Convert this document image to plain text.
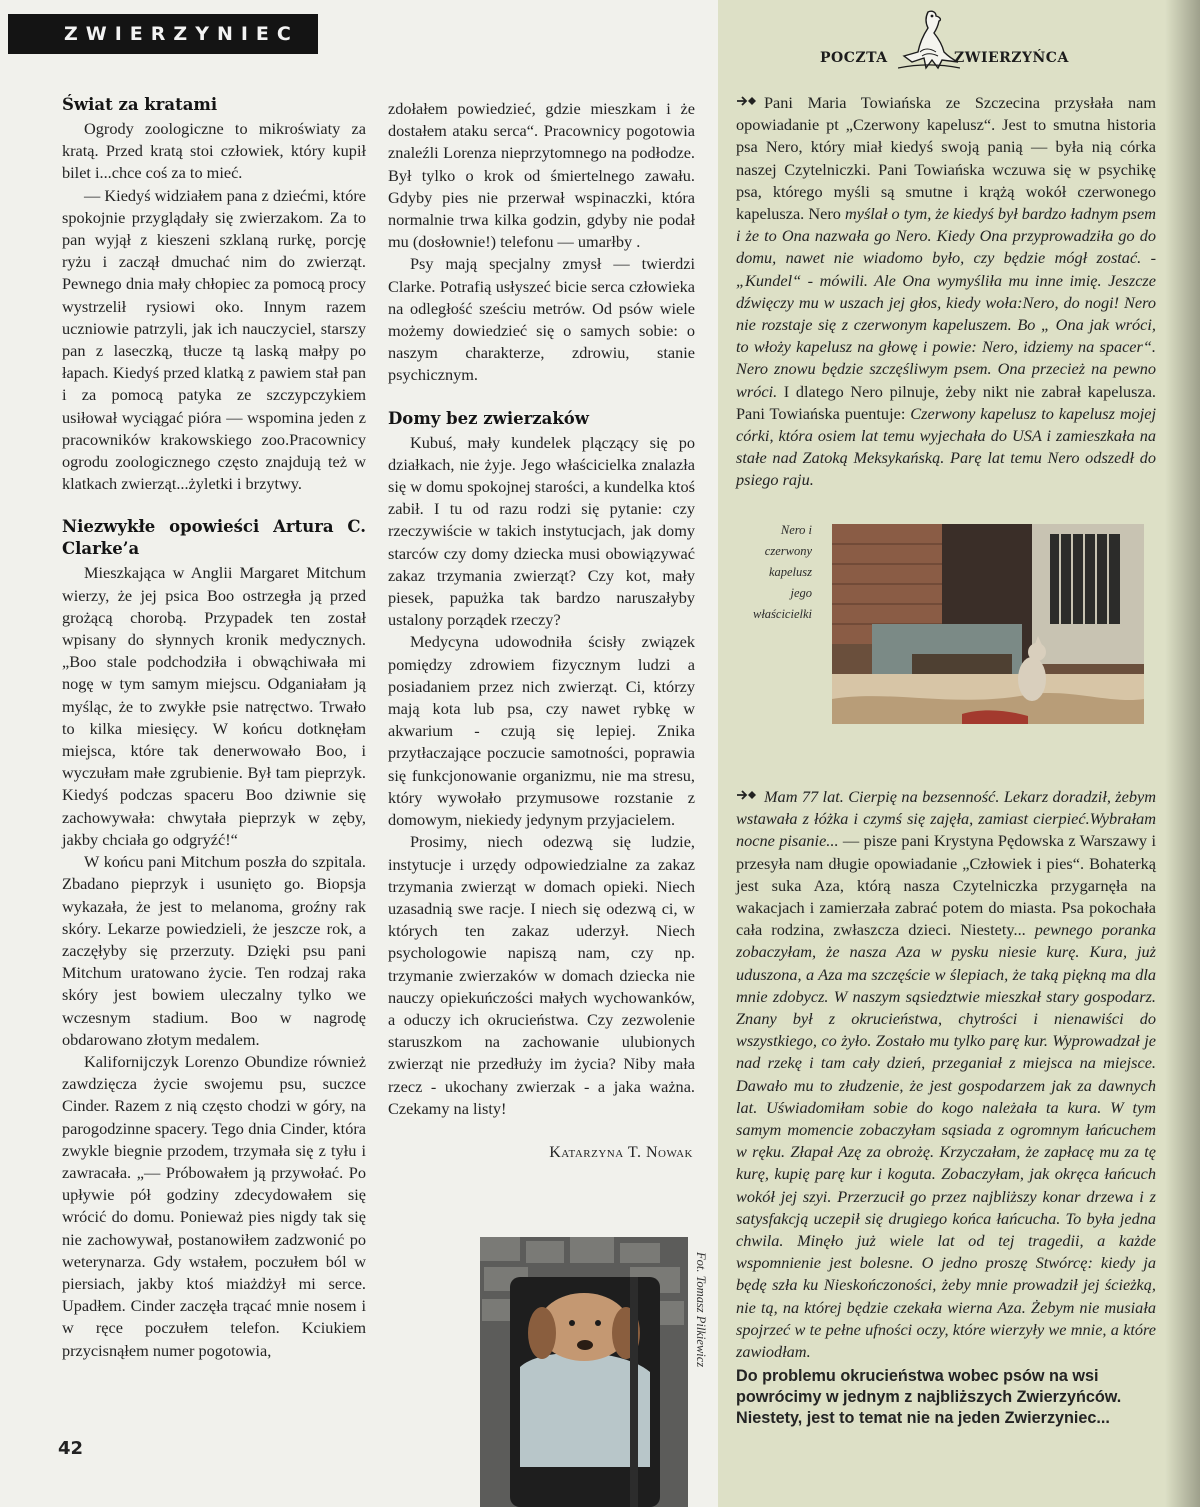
ZWIERZYNIEC
Świat za kratami

Ogrody zoologiczne to mikroświaty za kratą. Przed kratą stoi człowiek, który kupił bilet i...chce coś za to mieć.

— Kiedyś widziałem pana z dziećmi, które spokojnie przyglądały się zwierzakom. Za to pan wyjął z kieszeni szklaną rurkę, porcję ryżu i zaczął dmuchać nim do zwierząt. Pewnego dnia mały chłopiec za pomocą procy wystrzelił rysiowi oko. Innym razem uczniowie patrzyli, jak ich nauczyciel, starszy pan z laseczką, tłucze tą laską małpy po łapach. Kiedyś przed klatką z pawiem stał pan i za pomocą patyka ze szczypczykiem usiłował wyciągać pióra — wspomina jeden z pracowników krakowskiego zoo.Pracownicy ogrodu zoologicznego często znajdują też w klatkach zwierząt...żyletki i brzytwy.

Niezwykłe opowieści Artura C. Clarke’a

Mieszkająca w Anglii Margaret Mitchum wierzy, że jej psica Boo ostrzegła ją przed grożącą chorobą. Przypadek ten został wpisany do słynnych kronik medycznych. „Boo stale podchodziła i obwąchiwała mi nogę w tym samym miejscu. Odganiałam ją myśląc, że to zwykłe psie natręctwo. Trwało to kilka miesięcy. W końcu dotknęłam miejsca, które tak denerwowało Boo, i wyczułam małe zgrubienie. Był tam pieprzyk. Kiedyś podczas spaceru Boo dziwnie się zachowywała: chwytała pieprzyk w zęby, jakby chciała go odgryźć!“

W końcu pani Mitchum poszła do szpitala. Zbadano pieprzyk i usunięto go. Biopsja wykazała, że jest to melanoma, groźny rak skóry. Lekarze powiedzieli, że jeszcze rok, a zaczęłyby się przerzuty. Dzięki psu pani Mitchum uratowano życie. Ten rodzaj raka skóry jest bowiem uleczalny tylko we wczesnym stadium. Boo w nagrodę obdarowano złotym medalem.

Kalifornijczyk Lorenzo Obundize również zawdzięcza życie swojemu psu, suczce Cinder. Razem z nią często chodzi w góry, na parogodzinne spacery. Tego dnia Cinder, która zwykle biegnie przodem, trzymała się z tyłu i zawracała. „— Próbowałem ją przywołać. Po upływie pół godziny zdecydowałem się wrócić do domu. Ponieważ pies nigdy tak się nie zachowywał, postanowiłem zadzwonić po weterynarza. Gdy wstałem, poczułem ból w piersiach, jakby ktoś miażdżył mi serce. Upadłem. Cinder zaczęła trącać mnie nosem i w ręce poczułem telefon. Kciukiem przycisnąłem numer pogotowia,

zdołałem powiedzieć, gdzie mieszkam i że dostałem ataku serca“. Pracownicy pogotowia znaleźli Lorenza nieprzytomnego na podłodze. Był tylko o krok od śmiertelnego zawału. Gdyby pies nie przerwał wspinaczki, która normalnie trwa kilka godzin, gdyby nie podał mu (dosłownie!) telefonu — umarłby .

Psy mają specjalny zmysł — twierdzi Clarke. Potrafią usłyszeć bicie serca człowieka na odległość sześciu metrów. Od psów wiele możemy dowiedzieć się o samych sobie: o naszym charakterze, zdrowiu, stanie psychicznym.

Domy bez zwierzaków

Kubuś, mały kundelek plączący się po działkach, nie żyje. Jego właścicielka znalazła się w domu spokojnej starości, a kundelka ktoś zabił. I tu od razu rodzi się pytanie: czy rzeczywiście w takich instytucjach, jak domy starców czy domy dziecka musi obowiązywać zakaz trzymania zwierząt? Czy kot, mały piesek, papużka tak bardzo naruszałyby ustalony porządek rzeczy?

Medycyna udowodniła ścisły związek pomiędzy zdrowiem fizycznym ludzi a posiadaniem przez nich zwierząt. Ci, którzy mają kota lub psa, czy nawet rybkę w akwarium - czują się lepiej. Znika przytłaczające poczucie samotności, poprawia się funkcjonowanie organizmu, nie ma stresu, który wywołało przymusowe rozstanie z domowym, niekiedy jedynym przyjacielem.

Prosimy, niech odezwą się ludzie, instytucje i urzędy odpowiedzialne za zakaz trzymania zwierząt w domach opieki. Niech uzasadnią swe racje. I niech się odezwą ci, w których ten zakaz uderzył. Niech psychologowie napiszą nam, czy np. trzymanie zwierzaków w domach dziecka nie nauczy opiekuńczości małych wychowanków, a oduczy ich okrucieństwa. Czy zezwolenie staruszkom na zachowanie ulubionych zwierząt nie przedłuży im życia? Niby mała rzecz - ukochany zwierzak - a jaka ważna. Czekamy na listy!

Katarzyna T. Nowak
POCZTA	ZWIERZYŃCA

Pani Maria Towiańska ze Szczecina przysłała nam opowiadanie pt „Czerwony kapelusz“. Jest to smutna historia psa Nero, który miał kiedyś swoją panią — była nią córka naszej Czytelniczki. Pani Towiańska wczuwa się w psychikę psa, którego myśli są smutne i krążą wokół czerwonego kapelusza. Nero myślał o tym, że kiedyś był bardzo ładnym psem i że to Ona nazwała go Nero. Kiedy Ona przyprowadziła go do domu, nawet nie wiadomo było, czy będzie mógł zostać. - „Kundel“ - mówili. Ale Ona wymyśliła mu inne imię. Jeszcze dźwięczy mu w uszach jej głos, kiedy woła:Nero, do nogi! Nero nie rozstaje się z czerwonym kapeluszem. Bo „ Ona jak wróci, to włoży kapelusz na głowę i powie: Nero, idziemy na spacer“. Nero znowu będzie szczęśliwym psem. Ona przecież na pewno wróci. I dlatego Nero pilnuje, żeby nikt nie zabrał kapelusza. Pani Towiańska puentuje: Czerwony kapelusz to kapelusz mojej córki, która osiem lat temu wyjechała do USA i zamieszkała na stałe nad Zatoką Meksykańską. Parę lat temu Nero odszedł do psiego raju.

Nero i czerwony kapelusz jego właścicielki

Mam 77 lat. Cierpię na bezsenność. Lekarz doradził, żebym wstawała z łóżka i czymś się zajęła, zamiast cierpieć.Wybrałam nocne pisanie... — pisze pani Krystyna Pędowska z Warszawy i przesyła nam długie opowiadanie „Człowiek i pies“. Bohaterką jest suka Aza, którą nasza Czytelniczka przygarnęła na wakacjach i zamierzała zabrać potem do miasta. Psa pokochała cała rodzina, zwłaszcza dzieci. Niestety... pewnego poranka zobaczyłam, że nasza Aza w pysku niesie kurę. Kura, już uduszona, a Aza ma szczęście w ślepiach, że taką piękną ma dla mnie zdobycz. W naszym sąsiedztwie mieszkał stary gospodarz. Znany był z okrucieństwa, chytrości i nienawiści do wszystkiego, co żyło. Zostało mu tylko parę kur. Wyprowadzał je nad rzekę i tam cały dzień, przeganiał z miejsca na miejsce. Dawało mu to złudzenie, że jest gospodarzem jak za dawnych lat. Uświadomiłam sobie do kogo należała ta kura. W tym samym momencie zobaczyłam sąsiada z ogromnym łańcuchem w ręku. Złapał Azę za obrożę. Krzyczałam, że zapłacę mu za tę kurę, kupię parę kur i koguta. Zobaczyłam, jak okręca łańcuch wokół jej szyi. Przerzucił go przez najbliższy konar drzewa i z satysfakcją uczepił się drugiego końca łańcucha. To była jedna chwila. Minęło już wiele lat od tej tragedii, a każde wspomnienie jest bolesne. O jedno proszę Stwórcę: kiedy ja będę szła ku Nieskończoności, żeby mnie prowadził jej ścieżką, nie tą, na której będzie czekała wierna Aza. Żebym nie musiała spojrzeć w te pełne ufności oczy, które wierzyły we mnie, a które zawiodłam.

Do problemu okrucieństwa wobec psów na wsi powrócimy w jednym z najbliższych Zwierzyńców. Niestety, jest to temat nie na jeden Zwierzyniec...
Fot. Tomasz Pilkiewicz
42
